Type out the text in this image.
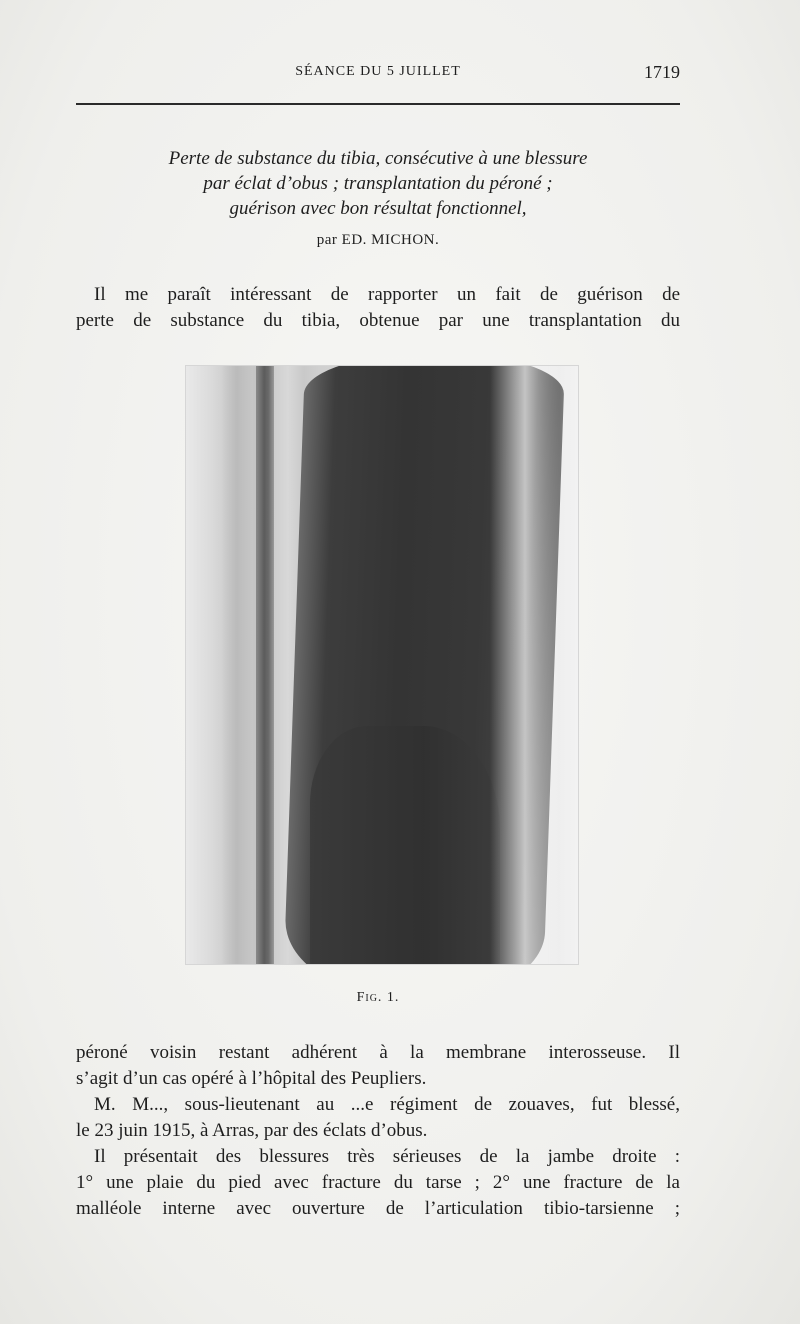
SÉANCE DU 5 JUILLET	1719
Perte de substance du tibia, consécutive à une blessure
par éclat d’obus ; transplantation du péroné ;
guérison avec bon résultat fonctionnel,
par ED. MICHON.

Il me paraît intéressant de rapporter un fait de guérison de
perte de substance du tibia, obtenue par une transplantation du

Fig. 1.

péroné voisin restant adhérent à la membrane interosseuse. Il
s’agit d’un cas opéré à l’hôpital des Peupliers.

M. M..., sous-lieutenant au ...e régiment de zouaves, fut blessé,
le 23 juin 1915, à Arras, par des éclats d’obus.

Il présentait des blessures très sérieuses de la jambe droite :
1° une plaie du pied avec fracture du tarse ; 2° une fracture de la
malléole interne avec ouverture de l’articulation tibio-tarsienne ;
